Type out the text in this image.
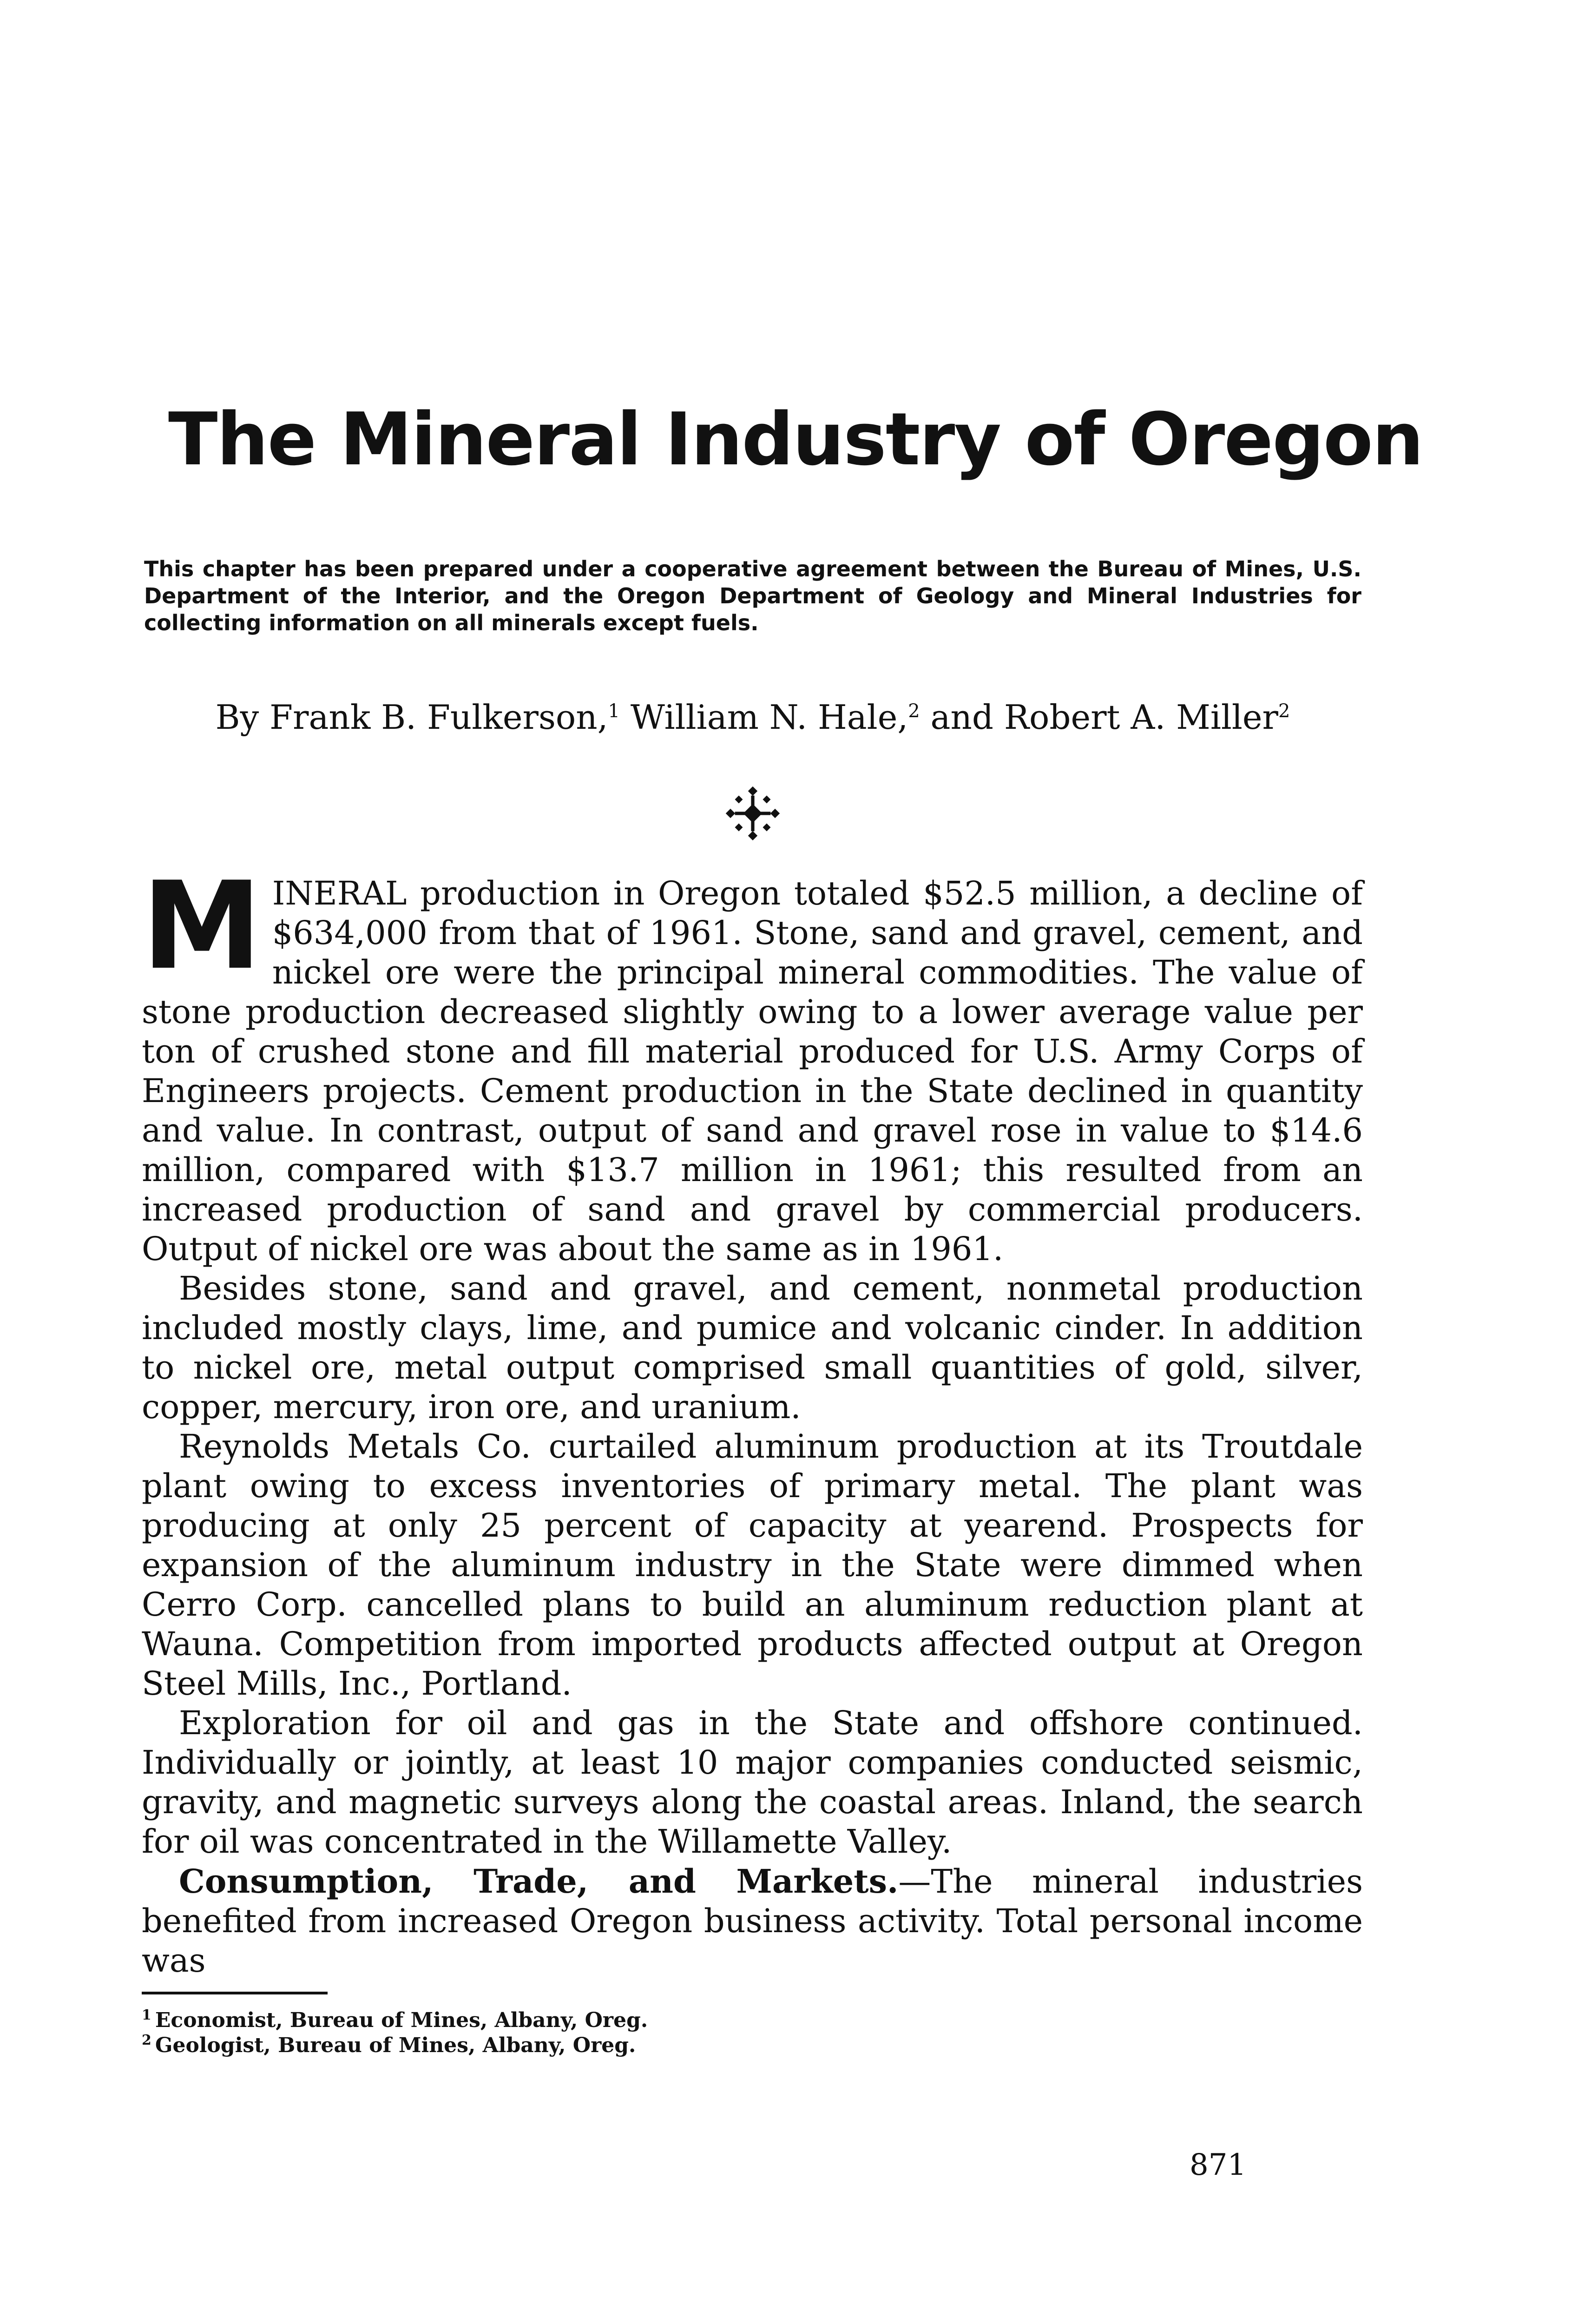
The Mineral Industry of Oregon

This chapter has been prepared under a cooperative agreement between the Bureau of Mines, U.S. Department of the Interior, and the Oregon Department of Geology and Mineral Industries for collecting information on all minerals except fuels.

By Frank B. Fulkerson,$^1$ William N. Hale,$^2$ and Robert A. Miller$^2$

MINERAL production in Oregon totaled $52.5 million, a decline of $634,000 from that of 1961. Stone, sand and gravel, cement, and nickel ore were the principal mineral commodities. The value of stone production decreased slightly owing to a lower average value per ton of crushed stone and fill material produced for U.S. Army Corps of Engineers projects. Cement production in the State declined in quantity and value. In contrast, output of sand and gravel rose in value to $14.6 million, compared with $13.7 million in 1961; this resulted from an increased production of sand and gravel by commercial producers. Output of nickel ore was about the same as in 1961.

Besides stone, sand and gravel, and cement, nonmetal production included mostly clays, lime, and pumice and volcanic cinder. In addition to nickel ore, metal output comprised small quantities of gold, silver, copper, mercury, iron ore, and uranium.

Reynolds Metals Co. curtailed aluminum production at its Troutdale plant owing to excess inventories of primary metal. The plant was producing at only 25 percent of capacity at yearend. Prospects for expansion of the aluminum industry in the State were dimmed when Cerro Corp. cancelled plans to build an aluminum reduction plant at Wauna. Competition from imported products affected output at Oregon Steel Mills, Inc., Portland.

Exploration for oil and gas in the State and offshore continued. Individually or jointly, at least 10 major companies conducted seismic, gravity, and magnetic surveys along the coastal areas. Inland, the search for oil was concentrated in the Willamette Valley.

Consumption, Trade, and Markets.—The mineral industries benefited from increased Oregon business activity. Total personal income was

$^1$ Economist, Bureau of Mines, Albany, Oreg.
$^2$ Geologist, Bureau of Mines, Albany, Oreg.
871
